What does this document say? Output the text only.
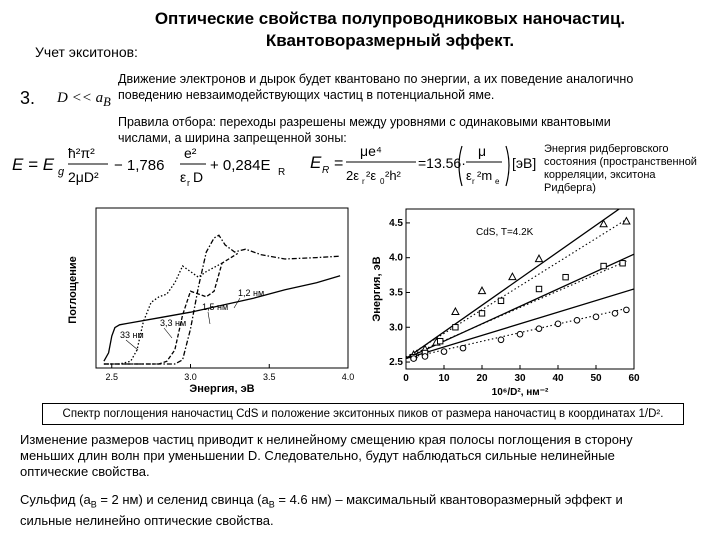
Оптические свойства полупроводниковых наночастиц.
Квантоворазмерный эффект.
Учет экситонов:
3. $D << a_B$
Движение электронов и дырок будет квантовано по энергии, а их поведение аналогично
поведению невзаимодействующих частиц в потенциальной яме.
Правила отбора: переходы разрешены между уровнями с одинаковыми квантовыми
числами, а ширина запрещенной зоны:
E = E g
ħ²π²
2μD²
− 1,786
e²
ε r D
+ 0,284E R
E R =
μe⁴
2ε r ²ε 0 ²h²
=13.56·
μ
ε r ²m e
[эВ]
Энергия ридберговского
состояния (пространственной
корреляции, экситона
Ридберга)
Поглощение
Энергия, эВ
2.5	3.0	3.5	4.0
33 нм
3,3 нм
1,5 нм
1,2 нм	Энергия, эВ
10⁶/D², нм⁻²
CdS, T=4.2K
0	10	20	30	40	50	60
2.5
3.0
3.5
4.0
4.5
Спектр поглощения наночастиц CdS и положение экситонных пиков от размера наночастиц в координатах 1/D².
Изменение размеров частиц приводит к нелинейному смещению края полосы поглощения в сторону
меньших длин волн при уменьшении D. Следовательно, будут наблюдаться сильные нелинейные
оптические свойства.
Сульфид ($а_B = 2$ нм) и селенид свинца ($а_B = 4.6$ нм) – максимальный квантоворазмерный эффект и
сильные нелинейно оптические свойства.
